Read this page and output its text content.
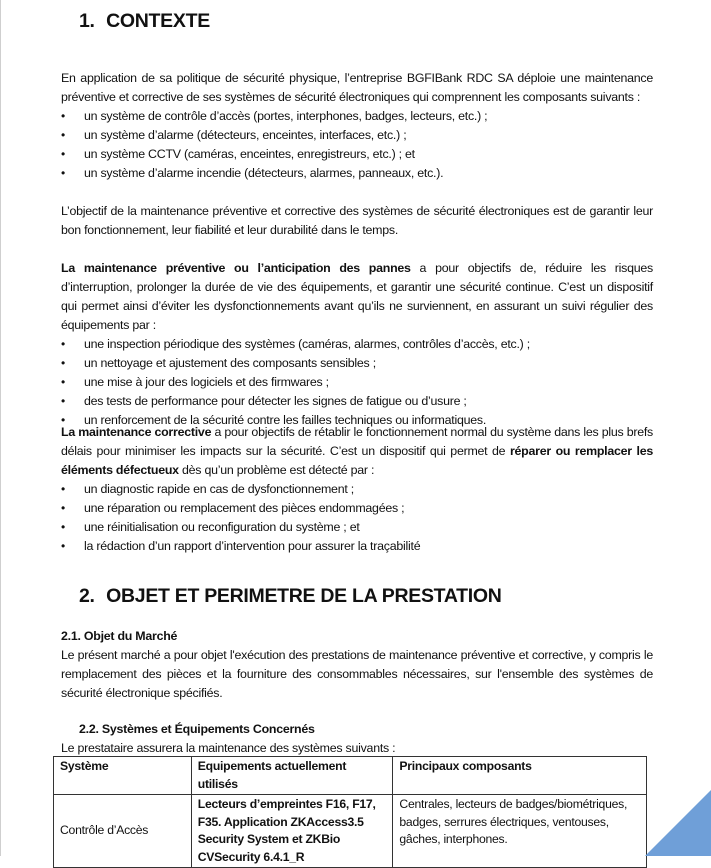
1. CONTEXTE

En application de sa politique de sécurité physique, l’entreprise BGFIBank RDC SA déploie une maintenance préventive et corrective de ses systèmes de sécurité électroniques qui comprennent les composants suivants :

• un système de contrôle d’accès (portes, interphones, badges, lecteurs, etc.) ;
• un système d’alarme (détecteurs, enceintes, interfaces, etc.) ;
• un système CCTV (caméras, enceintes, enregistreurs, etc.) ; et
• un système d’alarme incendie (détecteurs, alarmes, panneaux, etc.).

L’objectif de la maintenance préventive et corrective des systèmes de sécurité électroniques est de garantir leur bon fonctionnement, leur fiabilité et leur durabilité dans le temps.

La maintenance préventive ou l’anticipation des pannes a pour objectifs de, réduire les risques d’interruption, prolonger la durée de vie des équipements, et garantir une sécurité continue. C’est un dispositif qui permet ainsi d’éviter les dysfonctionnements avant qu’ils ne surviennent, en assurant un suivi régulier des équipements par :

• une inspection périodique des systèmes (caméras, alarmes, contrôles d’accès, etc.) ;
• un nettoyage et ajustement des composants sensibles ;
• une mise à jour des logiciels et des firmwares ;
• des tests de performance pour détecter les signes de fatigue ou d’usure ;
• un renforcement de la sécurité contre les failles techniques ou informatiques.

La maintenance corrective a pour objectifs de rétablir le fonctionnement normal du système dans les plus brefs délais pour minimiser les impacts sur la sécurité. C’est un dispositif qui permet de réparer ou remplacer les éléments défectueux dès qu’un problème est détecté par :

• un diagnostic rapide en cas de dysfonctionnement ;
• une réparation ou remplacement des pièces endommagées ;
• une réinitialisation ou reconfiguration du système ; et
• la rédaction d’un rapport d’intervention pour assurer la traçabilité
2.1. Objet du Marché

Le présent marché a pour objet l'exécution des prestations de maintenance préventive et corrective, y compris le remplacement des pièces et la fourniture des consommables nécessaires, sur l'ensemble des systèmes de sécurité électronique spécifiés.

2.2. Systèmes et Équipements Concernés

Le prestataire assurera la maintenance des systèmes suivants :

2. OBJET ET PERIMETRE DE LA PRESTATION
Système	Equipements actuellement utilisés	Principaux composants
Contrôle d’Accès	Lecteurs d’empreintes F16, F17, F35. Application ZKAccess3.5 Security System et ZKBio CVSecurity 6.4.1_R	Centrales, lecteurs de badges/biométriques, badges, serrures électriques, ventouses, gâches, interphones.
